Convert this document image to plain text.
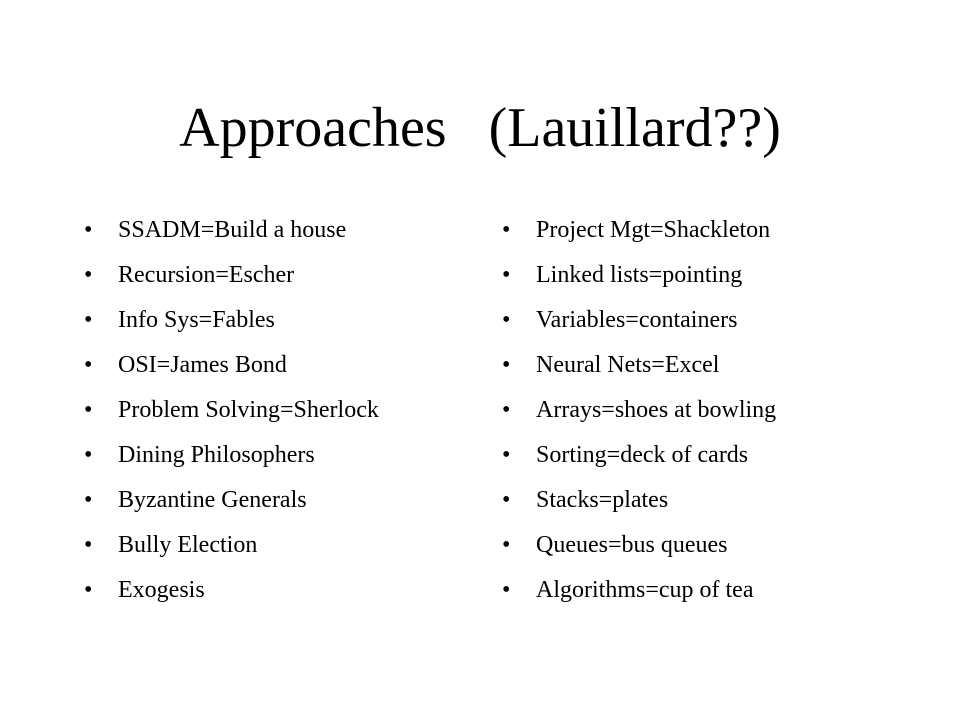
Approaches   (Lauillard??)
• SSADM=Build a house
• Recursion=Escher
• Info Sys=Fables
• OSI=James Bond
• Problem Solving=Sherlock
• Dining Philosophers
• Byzantine Generals
• Bully Election
• Exogesis
• Project Mgt=Shackleton
• Linked lists=pointing
• Variables=containers
• Neural Nets=Excel
• Arrays=shoes at bowling
• Sorting=deck of cards
• Stacks=plates
• Queues=bus queues
• Algorithms=cup of tea
